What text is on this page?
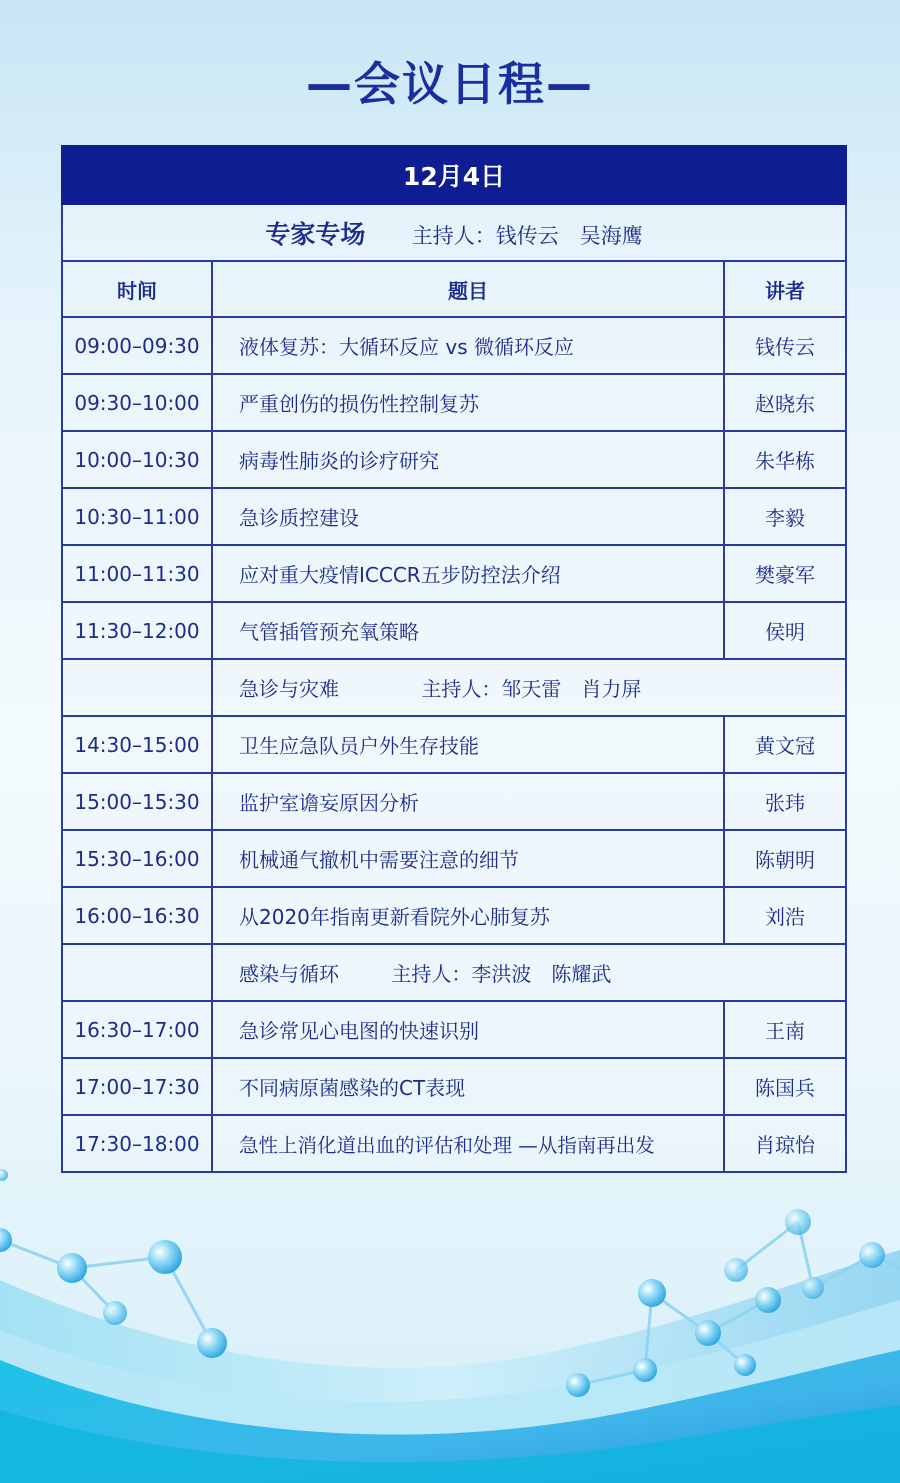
—会议日程—
12月4日		
专家专场 主持人：钱传云　吴海鹰		
时间	题目	讲者
09:00–09:30	液体复苏：大循环反应 vs 微循环反应	钱传云
09:30–10:00	严重创伤的损伤性控制复苏	赵晓东
10:00–10:30	病毒性肺炎的诊疗研究	朱华栋
10:30–11:00	急诊质控建设	李毅
11:00–11:30	应对重大疫情ICCCR五步防控法介绍	樊豪军
11:30–12:00	气管插管预充氧策略	侯明
	急诊与灾难 主持人：邹天雷　肖力屏	
14:30–15:00	卫生应急队员户外生存技能	黄文冠
15:00–15:30	监护室谵妄原因分析	张玮
15:30–16:00	机械通气撤机中需要注意的细节	陈朝明
16:00–16:30	从2020年指南更新看院外心肺复苏	刘浩
	感染与循环 主持人：李洪波　陈耀武	
16:30–17:00	急诊常见心电图的快速识别	王南
17:00–17:30	不同病原菌感染的CT表现	陈国兵
17:30–18:00	急性上消化道出血的评估和处理 —从指南再出发	肖琼怡
